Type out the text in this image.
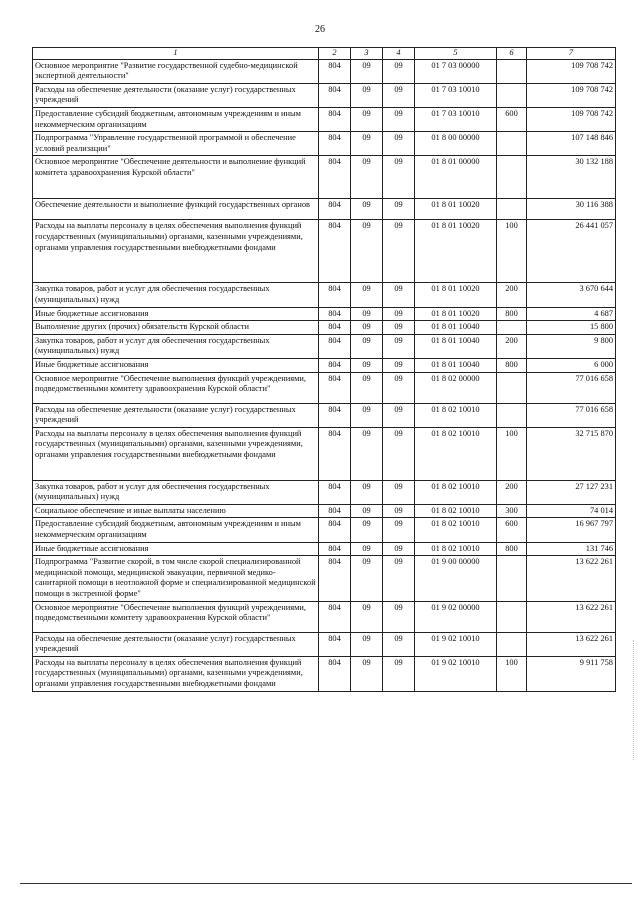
26
1	2	3	4	5	6	7
Основное мероприятие "Развитие государственной судебно-медицинской экспертной деятельности"	804	09	09	01 7 03 00000		109 708 742
Расходы на обеспечение деятельности (оказание услуг) государственных учреждений	804	09	09	01 7 03 10010		109 708 742
Предоставление субсидий бюджетным, автономным учреждениям и иным некоммерческим организациям	804	09	09	01 7 03 10010	600	109 708 742
Подпрограмма "Управление государственной программой и обеспечение условий реализации"	804	09	09	01 8 00 00000		107 148 846
Основное мероприятие "Обеспечение деятельности и выполнение функций комитета здравоохранения Курской области"	804	09	09	01 8 01 00000		30 132 188
Обеспечение деятельности и выполнение функций государственных органов	804	09	09	01 8 01 10020		30 116 388
Расходы на выплаты персоналу в целях обеспечения выполнения функций государственных (муниципальными) органами, казенными учреждениями, органами управления государственными внебюджетными фондами	804	09	09	01 8 01 10020	100	26 441 057
Закупка товаров, работ и услуг для обеспечения государственных (муниципальных) нужд	804	09	09	01 8 01 10020	200	3 670 644
Иные бюджетные ассигнования	804	09	09	01 8 01 10020	800	4 687
Выполнение других (прочих) обязательств Курской области	804	09	09	01 8 01 10040		15 800
Закупка товаров, работ и услуг для обеспечения государственных (муниципальных) нужд	804	09	09	01 8 01 10040	200	9 800
Иные бюджетные ассигнования	804	09	09	01 8 01 10040	800	6 000
Основное мероприятие "Обеспечение выполнения функций учреждениями, подведомственными комитету здравоохранения Курской области"	804	09	09	01 8 02 00000		77 016 658
Расходы на обеспечение деятельности (оказание услуг) государственных учреждений	804	09	09	01 8 02 10010		77 016 658
Расходы на выплаты персоналу в целях обеспечения выполнения функций государственных (муниципальными) органами, казенными учреждениями, органами управления государственными внебюджетными фондами	804	09	09	01 8 02 10010	100	32 715 870
Закупка товаров, работ и услуг для обеспечения государственных (муниципальных) нужд	804	09	09	01 8 02 10010	200	27 127 231
Социальное обеспечение и иные выплаты населению	804	09	09	01 8 02 10010	300	74 014
Предоставление субсидий бюджетным, автономным учреждениям и иным некоммерческим организациям	804	09	09	01 8 02 10010	600	16 967 797
Иные бюджетные ассигнования	804	09	09	01 8 02 10010	800	131 746
Подпрограмма "Развитие скорой, в том числе скорой специализированной медицинской помощи, медицинской эвакуации, первичной медико-санитарной помощи в неотложной форме и специализированной медицинской помощи в экстренной форме"	804	09	09	01 9 00 00000		13 622 261
Основное мероприятие "Обеспечение выполнения функций учреждениями, подведомственными комитету здравоохранения Курской области"	804	09	09	01 9 02 00000		13 622 261
Расходы на обеспечение деятельности (оказание услуг) государственных учреждений	804	09	09	01 9 02 10010		13 622 261
Расходы на выплаты персоналу в целях обеспечения выполнения функций государственных (муниципальными) органами, казенными учреждениями, органами управления государственными внебюджетными фондами	804	09	09	01 9 02 10010	100	9 911 758
